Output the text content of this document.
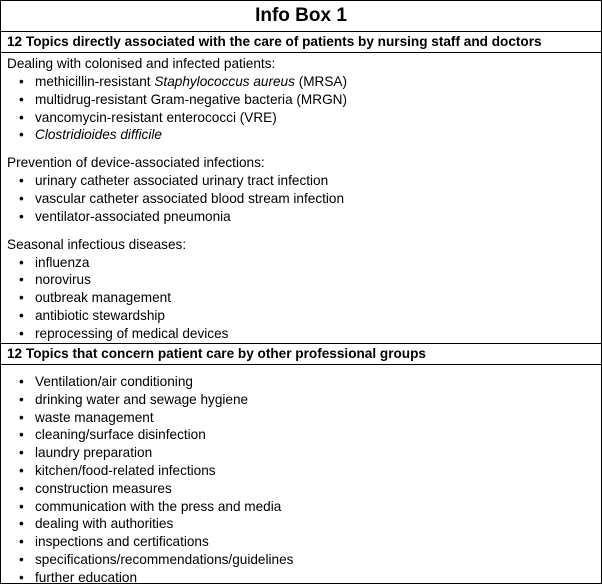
Info Box 1
12 Topics directly associated with the care of patients by nursing staff and doctors
Dealing with colonised and infected patients:
• methicillin-resistant Staphylococcus aureus (MRSA)
• multidrug-resistant Gram-negative bacteria (MRGN)
• vancomycin-resistant enterococci (VRE)
• Clostridioides difficile
Prevention of device-associated infections:
• urinary catheter associated urinary tract infection
• vascular catheter associated blood stream infection
• ventilator-associated pneumonia
Seasonal infectious diseases:
• influenza
• norovirus
• outbreak management
• antibiotic stewardship
• reprocessing of medical devices
12 Topics that concern patient care by other professional groups
• Ventilation/air conditioning
• drinking water and sewage hygiene
• waste management
• cleaning/surface disinfection
• laundry preparation
• kitchen/food-related infections
• construction measures
• communication with the press and media
• dealing with authorities
• inspections and certifications
• specifications/recommendations/guidelines
• further education
